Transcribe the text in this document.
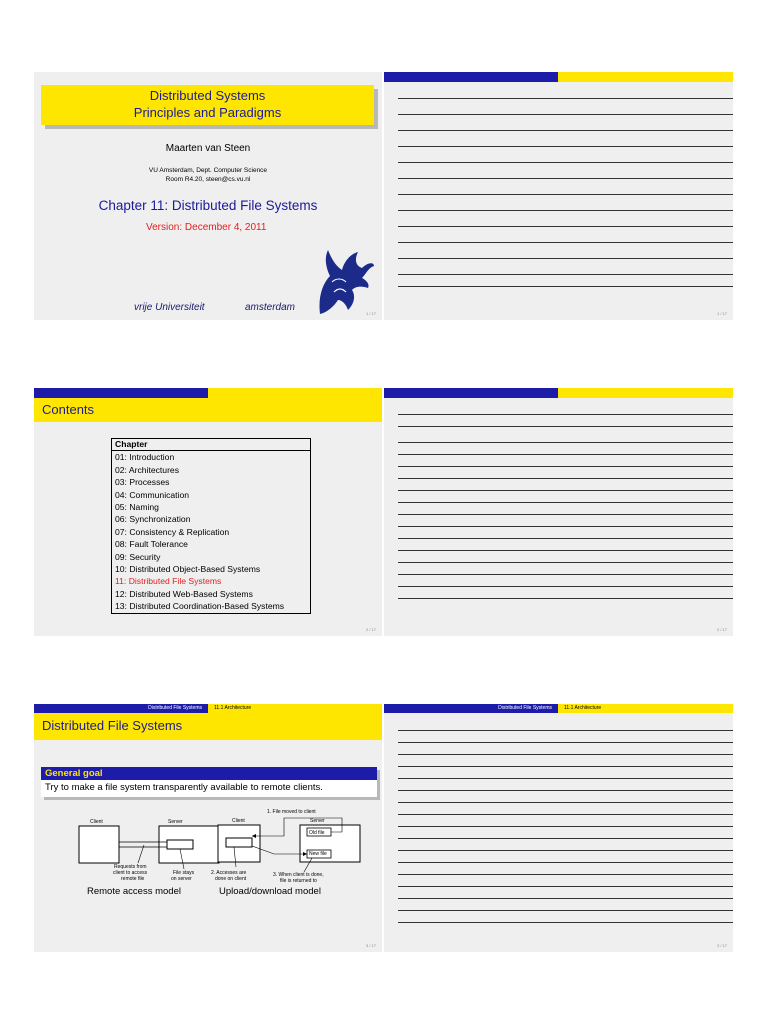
Distributed Systems
Principles and Paradigms
Maarten van Steen
VU Amsterdam, Dept. Computer Science
Room R4.20, steen@cs.vu.nl
Chapter 11: Distributed File Systems
Version: December 4, 2011
vrije Universiteit	amsterdam
1 / 17	1 / 17
Contents
Chapter
01: Introduction
02: Architectures
03: Processes
04: Communication
05: Naming
06: Synchronization
07: Consistency & Replication
08: Fault Tolerance
09: Security
10: Distributed Object-Based Systems
11: Distributed File Systems
12: Distributed Web-Based Systems
13: Distributed Coordination-Based Systems
2 / 17	2 / 17
Distributed File Systems	11.1 Architecture
Distributed File Systems
General goal
Try to make a file system transparently available to remote clients.
Client	Server
Requests from
client to access
remote file
File stays
on server
Remote access model
1. File moved to client
Client	Server
Old file
New file
2. Accesses are
done on client
3. When client is done,
file is returned to
Upload/download model
3 / 17
Distributed File Systems	11.1 Architecture
3 / 17
